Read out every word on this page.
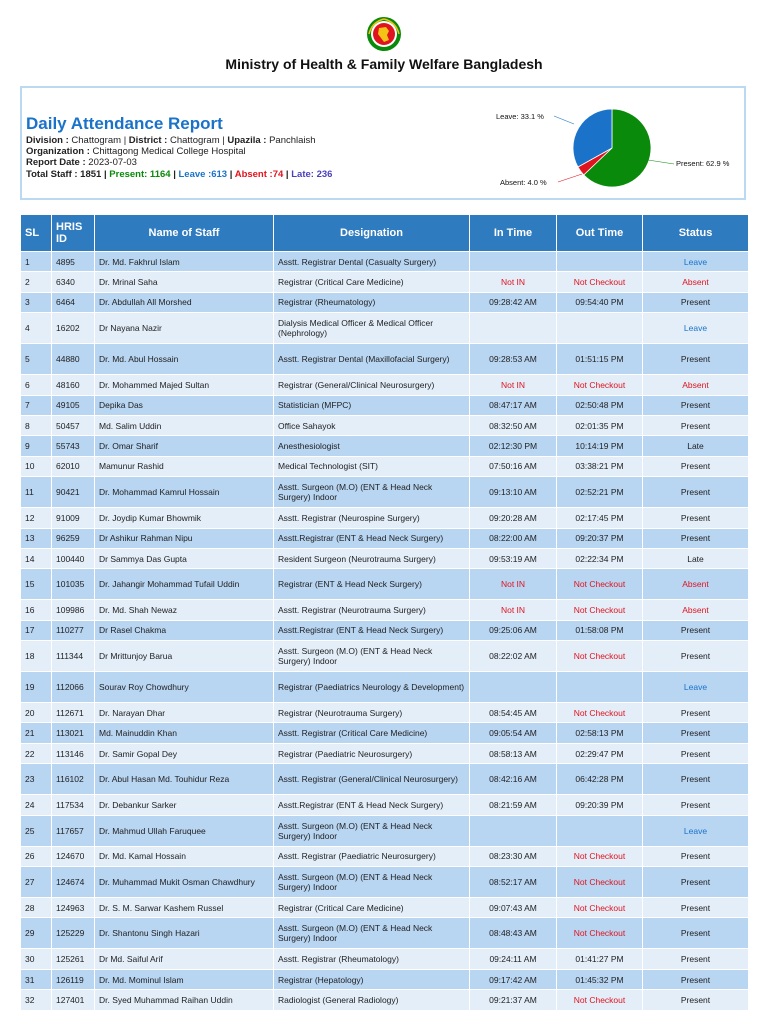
Ministry of Health & Family Welfare Bangladesh
Daily Attendance Report
Division : Chattogram | District : Chattogram | Upazila : Panchlaish
Organization : Chittagong Medical College Hospital
Report Date : 2023-07-03
Total Staff : 1851 | Present: 1164 | Leave :613 | Absent :74 | Late: 236
Leave: 33.1 %
Present: 62.9 %
Absent: 4.0 %
SL	HRIS ID	Name of Staff	Designation	In Time	Out Time	Status
1	4895	Dr. Md. Fakhrul Islam	Asstt. Registrar Dental (Casualty Surgery)			Leave
2	6340	Dr. Mrinal Saha	Registrar (Critical Care Medicine)	Not IN	Not Checkout	Absent
3	6464	Dr. Abdullah All Morshed	Registrar (Rheumatology)	09:28:42 AM	09:54:40 PM	Present
4	16202	Dr Nayana Nazir	Dialysis Medical Officer & Medical Officer (Nephrology)			Leave
5	44880	Dr. Md. Abul Hossain	Asstt. Registrar Dental (Maxillofacial Surgery)	09:28:53 AM	01:51:15 PM	Present
6	48160	Dr. Mohammed Majed Sultan	Registrar (General/Clinical Neurosurgery)	Not IN	Not Checkout	Absent
7	49105	Depika Das	Statistician (MFPC)	08:47:17 AM	02:50:48 PM	Present
8	50457	Md. Salim Uddin	Office Sahayok	08:32:50 AM	02:01:35 PM	Present
9	55743	Dr. Omar Sharif	Anesthesiologist	02:12:30 PM	10:14:19 PM	Late
10	62010	Mamunur Rashid	Medical Technologist (SIT)	07:50:16 AM	03:38:21 PM	Present
11	90421	Dr. Mohammad Kamrul Hossain	Asstt. Surgeon (M.O) (ENT & Head Neck Surgery) Indoor	09:13:10 AM	02:52:21 PM	Present
12	91009	Dr. Joydip Kumar Bhowmik	Asstt. Registrar (Neurospine Surgery)	09:20:28 AM	02:17:45 PM	Present
13	96259	Dr Ashikur Rahman Nipu	Asstt.Registrar (ENT & Head Neck Surgery)	08:22:00 AM	09:20:37 PM	Present
14	100440	Dr Sammya Das Gupta	Resident Surgeon (Neurotrauma Surgery)	09:53:19 AM	02:22:34 PM	Late
15	101035	Dr. Jahangir Mohammad Tufail Uddin	Registrar (ENT & Head Neck Surgery)	Not IN	Not Checkout	Absent
16	109986	Dr. Md. Shah Newaz	Asstt. Registrar (Neurotrauma Surgery)	Not IN	Not Checkout	Absent
17	110277	Dr Rasel Chakma	Asstt.Registrar (ENT & Head Neck Surgery)	09:25:06 AM	01:58:08 PM	Present
18	111344	Dr Mrittunjoy Barua	Asstt. Surgeon (M.O) (ENT & Head Neck Surgery) Indoor	08:22:02 AM	Not Checkout	Present
19	112066	Sourav Roy Chowdhury	Registrar (Paediatrics Neurology & Development)			Leave
20	112671	Dr. Narayan Dhar	Registrar (Neurotrauma Surgery)	08:54:45 AM	Not Checkout	Present
21	113021	Md. Mainuddin Khan	Asstt. Registrar (Critical Care Medicine)	09:05:54 AM	02:58:13 PM	Present
22	113146	Dr. Samir Gopal Dey	Registrar (Paediatric Neurosurgery)	08:58:13 AM	02:29:47 PM	Present
23	116102	Dr. Abul Hasan Md. Touhidur Reza	Asstt. Registrar (General/Clinical Neurosurgery)	08:42:16 AM	06:42:28 PM	Present
24	117534	Dr. Debankur Sarker	Asstt.Registrar (ENT & Head Neck Surgery)	08:21:59 AM	09:20:39 PM	Present
25	117657	Dr. Mahmud Ullah Faruquee	Asstt. Surgeon (M.O) (ENT & Head Neck Surgery) Indoor			Leave
26	124670	Dr. Md. Kamal Hossain	Asstt. Registrar (Paediatric Neurosurgery)	08:23:30 AM	Not Checkout	Present
27	124674	Dr. Muhammad Mukit Osman Chawdhury	Asstt. Surgeon (M.O) (ENT & Head Neck Surgery) Indoor	08:52:17 AM	Not Checkout	Present
28	124963	Dr. S. M. Sarwar Kashem Russel	Registrar (Critical Care Medicine)	09:07:43 AM	Not Checkout	Present
29	125229	Dr. Shantonu Singh Hazari	Asstt. Surgeon (M.O) (ENT & Head Neck Surgery) Indoor	08:48:43 AM	Not Checkout	Present
30	125261	Dr Md. Saiful Arif	Asstt. Registrar (Rheumatology)	09:24:11 AM	01:41:27 PM	Present
31	126119	Dr. Md. Mominul Islam	Registrar (Hepatology)	09:17:42 AM	01:45:32 PM	Present
32	127401	Dr. Syed Muhammad Raihan Uddin	Radiologist (General Radiology)	09:21:37 AM	Not Checkout	Present
